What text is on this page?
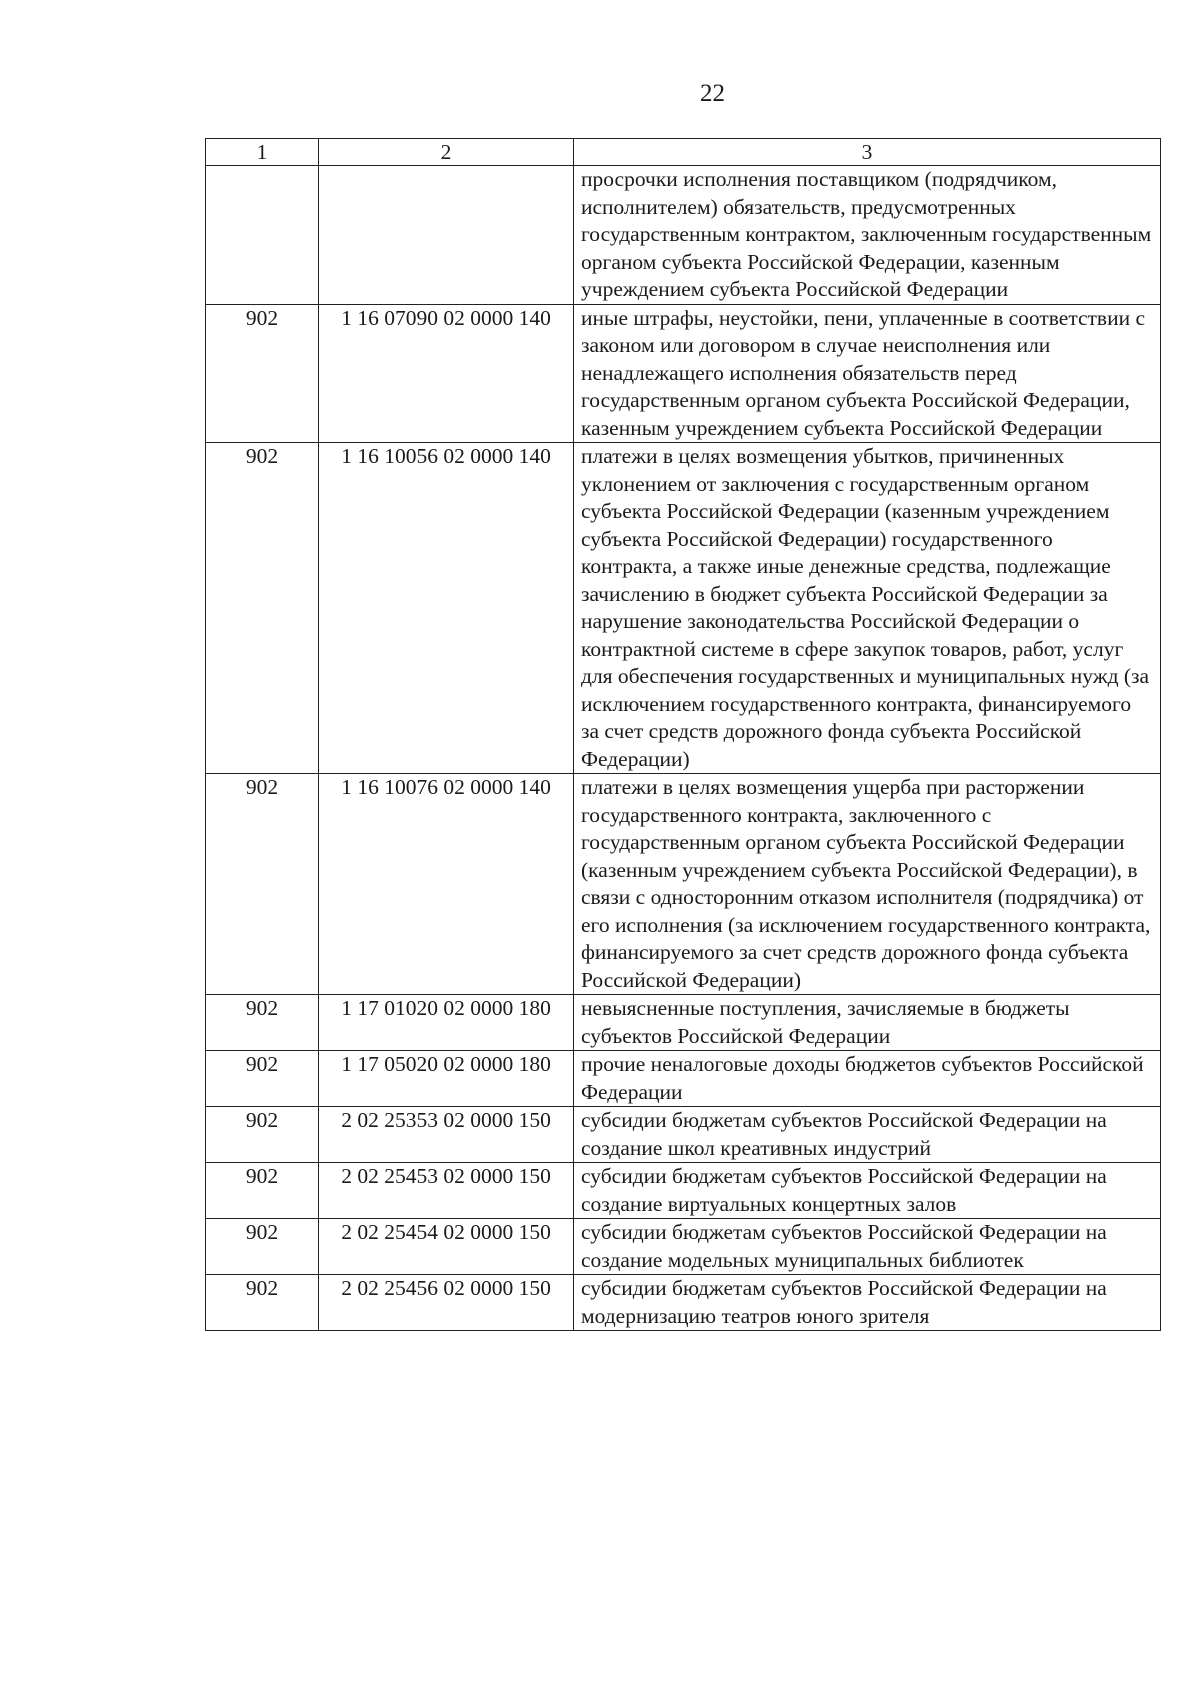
22
1	2	3
		просрочки исполнения поставщиком (подрядчиком, исполнителем) обязательств, предусмотренных государственным контрактом, заключенным государственным органом субъекта Российской Федерации, казенным учреждением субъекта Российской Федерации
902	1 16 07090 02 0000 140	иные штрафы, неустойки, пени, уплаченные в соответствии с законом или договором в случае неисполнения или ненадлежащего исполнения обязательств перед государственным органом субъекта Российской Федерации, казенным учреждением субъекта Российской Федерации
902	1 16 10056 02 0000 140	платежи в целях возмещения убытков, причиненных уклонением от заключения с государственным органом субъекта Российской Федерации (казенным учреждением субъекта Российской Федерации) государственного контракта, а также иные денежные средства, подлежащие зачислению в бюджет субъекта Российской Федерации за нарушение законодательства Российской Федерации о контрактной системе в сфере закупок товаров, работ, услуг для обеспечения государственных и муниципальных нужд (за исключением государственного контракта, финансируемого за счет средств дорожного фонда субъекта Российской Федерации)
902	1 16 10076 02 0000 140	платежи в целях возмещения ущерба при расторжении государственного контракта, заключенного с государственным органом субъекта Российской Федерации (казенным учреждением субъекта Российской Федерации), в связи с односторонним отказом исполнителя (подрядчика) от его исполнения (за исключением государственного контракта, финансируемого за счет средств дорожного фонда субъекта Российской Федерации)
902	1 17 01020 02 0000 180	невыясненные поступления, зачисляемые в бюджеты субъектов Российской Федерации
902	1 17 05020 02 0000 180	прочие неналоговые доходы бюджетов субъектов Российской Федерации
902	2 02 25353 02 0000 150	субсидии бюджетам субъектов Российской Федерации на создание школ креативных индустрий
902	2 02 25453 02 0000 150	субсидии бюджетам субъектов Российской Федерации на создание виртуальных концертных залов
902	2 02 25454 02 0000 150	субсидии бюджетам субъектов Российской Федерации на создание модельных муниципальных библиотек
902	2 02 25456 02 0000 150	субсидии бюджетам субъектов Российской Федерации на модернизацию театров юного зрителя
